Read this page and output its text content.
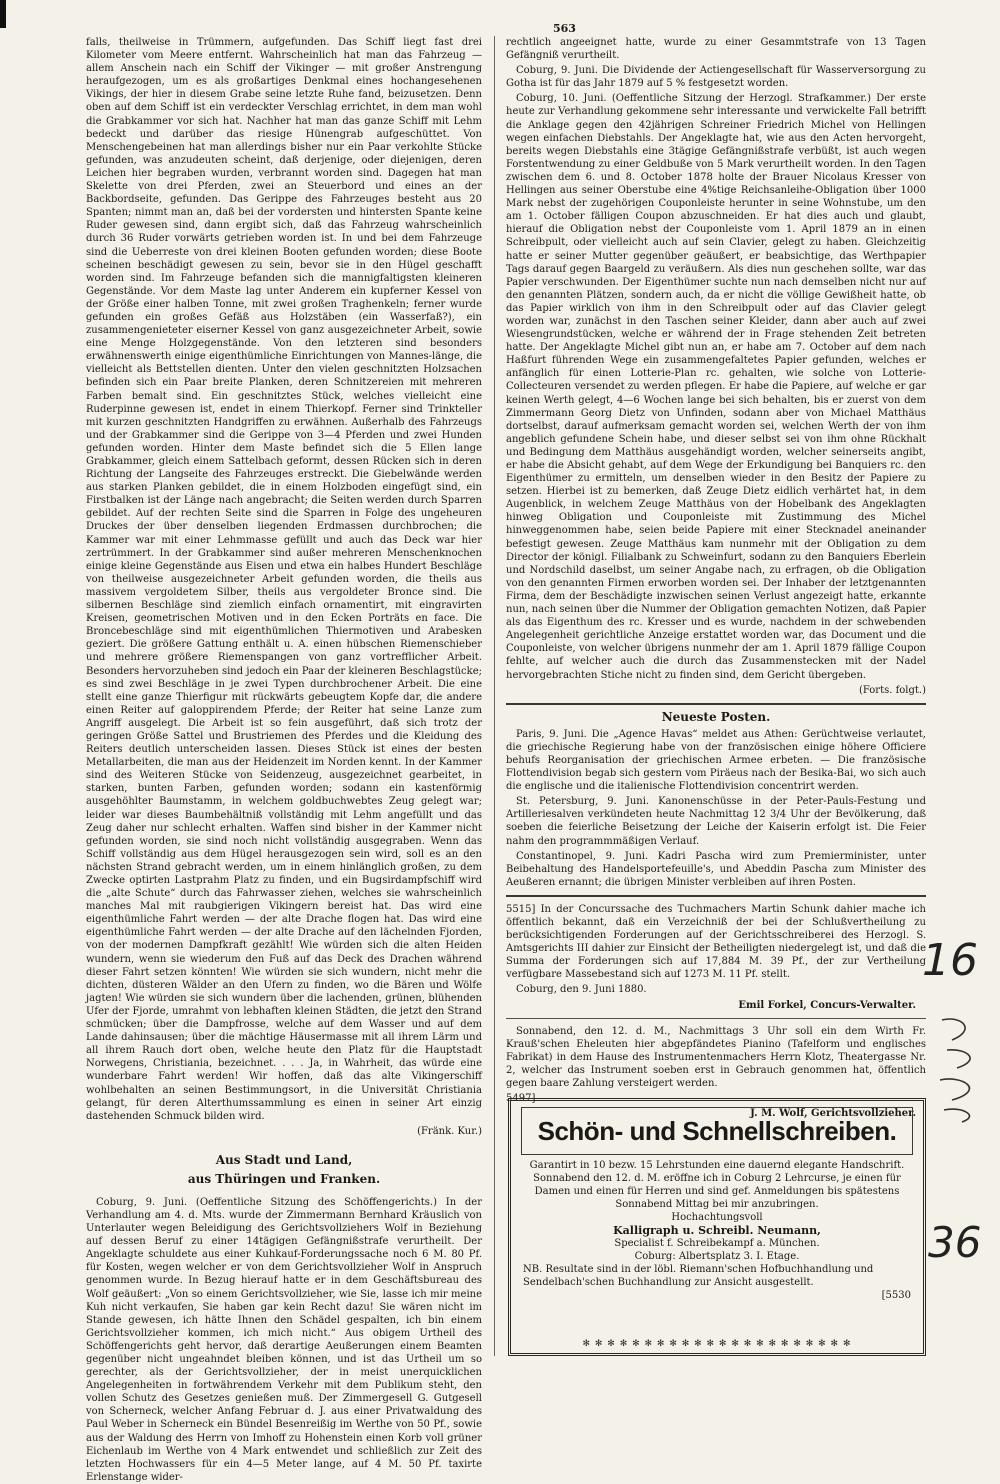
563

falls, theilweise in Trümmern, aufgefunden. Das Schiff liegt fast drei Kilometer vom Meere entfernt. Wahrscheinlich hat man das Fahrzeug — allem Anschein nach ein Schiff der Vikinger — mit großer Anstrengung heraufgezogen, um es als großartiges Denkmal eines hochangesehenen Vikings, der hier in diesem Grabe seine letzte Ruhe fand, beizusetzen. Denn oben auf dem Schiff ist ein verdeckter Verschlag errichtet, in dem man wohl die Grabkammer vor sich hat. Nachher hat man das ganze Schiff mit Lehm bedeckt und darüber das riesige Hünengrab aufgeschüttet. Von Menschengebeinen hat man allerdings bisher nur ein Paar verkohlte Stücke gefunden, was anzudeuten scheint, daß derjenige, oder diejenigen, deren Leichen hier begraben wurden, verbrannt worden sind. Dagegen hat man Skelette von drei Pferden, zwei an Steuerbord und eines an der Backbordseite, gefunden. Das Gerippe des Fahrzeuges besteht aus 20 Spanten; nimmt man an, daß bei der vordersten und hintersten Spante keine Ruder gewesen sind, dann ergibt sich, daß das Fahrzeug wahrscheinlich durch 36 Ruder vorwärts getrieben worden ist. In und bei dem Fahrzeuge sind die Ueberreste von drei kleinen Booten gefunden worden; diese Boote scheinen beschädigt gewesen zu sein, bevor sie in den Hügel geschafft worden sind. Im Fahrzeuge befanden sich die mannigfaltigsten kleineren Gegenstände. Vor dem Maste lag unter Anderem ein kupferner Kessel von der Größe einer halben Tonne, mit zwei großen Traghenkeln; ferner wurde gefunden ein großes Gefäß aus Holzstäben (ein Wasserfaß?), ein zusammengenieteter eiserner Kessel von ganz ausgezeichneter Arbeit, sowie eine Menge Holzgegenstände. Von den letzteren sind besonders erwähnenswerth einige eigenthümliche Einrichtungen von Mannes-länge, die vielleicht als Bettstellen dienten. Unter den vielen geschnitzten Holzsachen befinden sich ein Paar breite Planken, deren Schnitzereien mit mehreren Farben bemalt sind. Ein geschnitztes Stück, welches vielleicht eine Ruderpinne gewesen ist, endet in einem Thierkopf. Ferner sind Trinkteller mit kurzen geschnitzten Handgriffen zu erwähnen. Außerhalb des Fahrzeugs und der Grabkammer sind die Gerippe von 3—4 Pferden und zwei Hunden gefunden worden. Hinter dem Maste befindet sich die 5 Ellen lange Grabkammer, gleich einem Sattelbach geformt, dessen Rücken sich in deren Richtung der Langseite des Fahrzeuges erstreckt. Die Giebelwände werden aus starken Planken gebildet, die in einem Holzboden eingefügt sind, ein Firstbalken ist der Länge nach angebracht; die Seiten werden durch Sparren gebildet. Auf der rechten Seite sind die Sparren in Folge des ungeheuren Druckes der über denselben liegenden Erdmassen durchbrochen; die Kammer war mit einer Lehmmasse gefüllt und auch das Deck war hier zertrümmert. In der Grabkammer sind außer mehreren Menschenknochen einige kleine Gegenstände aus Eisen und etwa ein halbes Hundert Beschläge von theilweise ausgezeichneter Arbeit gefunden worden, die theils aus massivem vergoldetem Silber, theils aus vergoldeter Bronce sind. Die silbernen Beschläge sind ziemlich einfach ornamentirt, mit eingravirten Kreisen, geometrischen Motiven und in den Ecken Porträts en face. Die Broncebeschläge sind mit eigenthümlichen Thiermotiven und Arabesken geziert. Die größere Gattung enthält u. A. einen hübschen Riemenschieber und mehrere größere Riemenspangen von ganz vortrefflicher Arbeit. Besonders hervorzuheben sind jedoch ein Paar der kleineren Beschlagstücke; es sind zwei Beschläge in je zwei Typen durchbrochener Arbeit. Die eine stellt eine ganze Thierfigur mit rückwärts gebeugtem Kopfe dar, die andere einen Reiter auf galoppirendem Pferde; der Reiter hat seine Lanze zum Angriff ausgelegt. Die Arbeit ist so fein ausgeführt, daß sich trotz der geringen Größe Sattel und Brustriemen des Pferdes und die Kleidung des Reiters deutlich unterscheiden lassen. Dieses Stück ist eines der besten Metallarbeiten, die man aus der Heidenzeit im Norden kennt. In der Kammer sind des Weiteren Stücke von Seidenzeug, ausgezeichnet gearbeitet, in starken, bunten Farben, gefunden worden; sodann ein kastenförmig ausgehöhlter Baumstamm, in welchem goldbuchwebtes Zeug gelegt war; leider war dieses Baumbehältniß vollständig mit Lehm angefüllt und das Zeug daher nur schlecht erhalten. Waffen sind bisher in der Kammer nicht gefunden worden, sie sind noch nicht vollständig ausgegraben. Wenn das Schiff vollständig aus dem Hügel herausgezogen sein wird, soll es an den nächsten Strand gebracht werden, um in einem hinlänglich großen, zu dem Zwecke optirten Lastprahm Platz zu finden, und ein Bugsirdampfschiff wird die „alte Schute“ durch das Fahrwasser ziehen, welches sie wahrscheinlich manches Mal mit raubgierigen Vikingern bereist hat. Das wird eine eigenthümliche Fahrt werden — der alte Drache flogen hat. Das wird eine eigenthümliche Fahrt werden — der alte Drache auf den lächelnden Fjorden, von der modernen Dampfkraft gezählt! Wie würden sich die alten Heiden wundern, wenn sie wiederum den Fuß auf das Deck des Drachen während dieser Fahrt setzen könnten! Wie würden sie sich wundern, nicht mehr die dichten, düsteren Wälder an den Ufern zu finden, wo die Bären und Wölfe jagten! Wie würden sie sich wundern über die lachenden, grünen, blühenden Ufer der Fjorde, umrahmt von lebhaften kleinen Städten, die jetzt den Strand schmücken; über die Dampfrosse, welche auf dem Wasser und auf dem Lande dahinsausen; über die mächtige Häusermasse mit all ihrem Lärm und all ihrem Rauch dort oben, welche heute den Platz für die Hauptstadt Norwegens, Christiania, bezeichnet. . . . Ja, in Wahrheit, das würde eine wunderbare Fahrt werden! Wir hoffen, daß das alte Vikingerschiff wohlbehalten an seinen Bestimmungsort, in die Universität Christiania gelangt, für deren Alterthumssammlung es einen in seiner Art einzig dastehenden Schmuck bilden wird.

(Fränk. Kur.)
Aus Stadt und Land,
aus Thüringen und Franken.

Coburg, 9. Juni. (Oeffentliche Sitzung des Schöffengerichts.) In der Verhandlung am 4. d. Mts. wurde der Zimmermann Bernhard Kräuslich von Unterlauter wegen Beleidigung des Gerichtsvollziehers Wolf in Beziehung auf dessen Beruf zu einer 14tägigen Gefängnißstrafe verurtheilt. Der Angeklagte schuldete aus einer Kuhkauf-Forderungssache noch 6 M. 80 Pf. für Kosten, wegen welcher er von dem Gerichtsvollzieher Wolf in Anspruch genommen wurde. In Bezug hierauf hatte er in dem Geschäftsbureau des Wolf geäußert: „Von so einem Gerichtsvollzieher, wie Sie, lasse ich mir meine Kuh nicht verkaufen, Sie haben gar kein Recht dazu! Sie wären nicht im Stande gewesen, ich hätte Ihnen den Schädel gespalten, ich bin einem Gerichtsvollzieher kommen, ich mich nicht.“ Aus obigem Urtheil des Schöffengerichts geht hervor, daß derartige Aeußerungen einem Beamten gegenüber nicht ungeahndet bleiben können, und ist das Urtheil um so gerechter, als der Gerichtsvollzieher, der in meist unerquicklichen Angelegenheiten in fortwährendem Verkehr mit dem Publikum steht, den vollen Schutz des Gesetzes genießen muß. Der Zimmergesell G. Gutgesell von Scherneck, welcher Anfang Februar d. J. aus einer Privatwaldung des Paul Weber in Scherneck ein Bündel Besenreißig im Werthe von 50 Pf., sowie aus der Waldung des Herrn von Imhoff zu Hohenstein einen Korb voll grüner Eichenlaub im Werthe von 4 Mark entwendet und schließlich zur Zeit des letzten Hochwassers für ein 4—5 Meter lange, auf 4 M. 50 Pf. taxirte Erlenstange wider-

rechtlich angeeignet hatte, wurde zu einer Gesammtstrafe von 13 Tagen Gefängniß verurtheilt.

Coburg, 9. Juni. Die Dividende der Actiengesellschaft für Wasserversorgung zu Gotha ist für das Jahr 1879 auf 5 % festgesetzt worden.

Coburg, 10. Juni. (Oeffentliche Sitzung der Herzogl. Strafkammer.) Der erste heute zur Verhandlung gekommene sehr interessante und verwickelte Fall betrifft die Anklage gegen den 42jährigen Schreiner Friedrich Michel von Hellingen wegen einfachen Diebstahls. Der Angeklagte hat, wie aus den Acten hervorgeht, bereits wegen Diebstahls eine 3tägige Gefängnißstrafe verbüßt, ist auch wegen Forstentwendung zu einer Geldbuße von 5 Mark verurtheilt worden. In den Tagen zwischen dem 6. und 8. October 1878 holte der Brauer Nicolaus Kresser von Hellingen aus seiner Oberstube eine 4%tige Reichsanleihe-Obligation über 1000 Mark nebst der zugehörigen Couponleiste herunter in seine Wohnstube, um den am 1. October fälligen Coupon abzuschneiden. Er hat dies auch und glaubt, hierauf die Obligation nebst der Couponleiste vom 1. April 1879 an in einen Schreibpult, oder vielleicht auch auf sein Clavier, gelegt zu haben. Gleichzeitig hatte er seiner Mutter gegenüber geäußert, er beabsichtige, das Werthpapier Tags darauf gegen Baargeld zu veräußern. Als dies nun geschehen sollte, war das Papier verschwunden. Der Eigenthümer suchte nun nach demselben nicht nur auf den genannten Plätzen, sondern auch, da er nicht die völlige Gewißheit hatte, ob das Papier wirklich von ihm in den Schreibpult oder auf das Clavier gelegt worden war, zunächst in den Taschen seiner Kleider, dann aber auch auf zwei Wiesengrundstücken, welche er während der in Frage stehenden Zeit betreten hatte. Der Angeklagte Michel gibt nun an, er habe am 7. October auf dem nach Haßfurt führenden Wege ein zusammengefaltetes Papier gefunden, welches er anfänglich für einen Lotterie-Plan rc. gehalten, wie solche von Lotterie-Collecteuren versendet zu werden pflegen. Er habe die Papiere, auf welche er gar keinen Werth gelegt, 4—6 Wochen lange bei sich behalten, bis er zuerst von dem Zimmermann Georg Dietz von Unfinden, sodann aber von Michael Matthäus dortselbst, darauf aufmerksam gemacht worden sei, welchen Werth der von ihm angeblich gefundene Schein habe, und dieser selbst sei von ihm ohne Rückhalt und Bedingung dem Matthäus ausgehändigt worden, welcher seinerseits angibt, er habe die Absicht gehabt, auf dem Wege der Erkundigung bei Banquiers rc. den Eigenthümer zu ermitteln, um denselben wieder in den Besitz der Papiere zu setzen. Hierbei ist zu bemerken, daß Zeuge Dietz eidlich verhärtet hat, in dem Augenblick, in welchem Zeuge Matthäus von der Hobelbank des Angeklagten hinweg Obligation und Couponleiste mit Zustimmung des Michel hinweggenommen habe, seien beide Papiere mit einer Stecknadel aneinander befestigt gewesen. Zeuge Matthäus kam nunmehr mit der Obligation zu dem Director der königl. Filialbank zu Schweinfurt, sodann zu den Banquiers Eberlein und Nordschild daselbst, um seiner Angabe nach, zu erfragen, ob die Obligation von den genannten Firmen erworben worden sei. Der Inhaber der letztgenannten Firma, dem der Beschädigte inzwischen seinen Verlust angezeigt hatte, erkannte nun, nach seinen über die Nummer der Obligation gemachten Notizen, daß Papier als das Eigenthum des rc. Kresser und es wurde, nachdem in der schwebenden Angelegenheit gerichtliche Anzeige erstattet worden war, das Document und die Couponleiste, von welcher übrigens nunmehr der am 1. April 1879 fällige Coupon fehlte, auf welcher auch die durch das Zusammenstecken mit der Nadel hervorgebrachten Stiche nicht zu finden sind, dem Gericht übergeben.

(Forts. folgt.)
Neueste Posten.

Paris, 9. Juni. Die „Agence Havas“ meldet aus Athen: Gerüchtweise verlautet, die griechische Regierung habe von der französischen einige höhere Officiere behufs Reorganisation der griechischen Armee erbeten. — Die französische Flottendivision begab sich gestern vom Piräeus nach der Besika-Bai, wo sich auch die englische und die italienische Flottendivision concentrirt werden.

St. Petersburg, 9. Juni. Kanonenschüsse in der Peter-Pauls-Festung und Artilleriesalven verkündeten heute Nachmittag 12 3/4 Uhr der Bevölkerung, daß soeben die feierliche Beisetzung der Leiche der Kaiserin erfolgt ist. Die Feier nahm den programmmäßigen Verlauf.

Constantinopel, 9. Juni. Kadri Pascha wird zum Premierminister, unter Beibehaltung des Handelsportefeuille's, und Abeddin Pascha zum Minister des Aeußeren ernannt; die übrigen Minister verbleiben auf ihren Posten.

5515] In der Concurssache des Tuchmachers Martin Schunk dahier mache ich öffentlich bekannt, daß ein Verzeichniß der bei der Schlußvertheilung zu berücksichtigenden Forderungen auf der Gerichtsschreiberei des Herzogl. S. Amtsgerichts III dahier zur Einsicht der Betheiligten niedergelegt ist, und daß die Summa der Forderungen sich auf 17,884 M. 39 Pf., der zur Vertheilung verfügbare Massebestand sich auf 1273 M. 11 Pf. stellt.

Coburg, den 9. Juni 1880.

Emil Forkel, Concurs-Verwalter.

Sonnabend, den 12. d. M., Nachmittags 3 Uhr soll ein dem Wirth Fr. Krauß'schen Eheleuten hier abgepfändetes Pianino (Tafelform und englisches Fabrikat) in dem Hause des Instrumentenmachers Herrn Klotz, Theatergasse Nr. 2, welcher das Instrument soeben erst in Gebrauch genommen hat, öffentlich gegen baare Zahlung versteigert werden.

5497]

J. M. Wolf, Gerichtsvollzieher.
Schön- und Schnellschreiben.

Garantirt in 10 bezw. 15 Lehrstunden eine dauernd elegante Handschrift.

Sonnabend den 12. d. M. eröffne ich in Coburg 2 Lehrcurse, je einen für Damen und einen für Herren und sind gef. Anmeldungen bis spätestens Sonnabend Mittag bei mir anzubringen.

Hochachtungsvoll

Kalligraph u. Schreibl. Neumann,

Specialist f. Schreibekampf a. München.

Coburg: Albertsplatz 3. I. Etage.

NB. Resultate sind in der löbl. Riemann'schen Hofbuchhandlung und Sendelbach'schen Buchhandlung zur Ansicht ausgestellt.

[5530

✻ ✻ ✻ ✻ ✻ ✻ ✻ ✻ ✻ ✻ ✻ ✻ ✻ ✻ ✻ ✻ ✻ ✻ ✻ ✻ ✻ ✻
16
36
